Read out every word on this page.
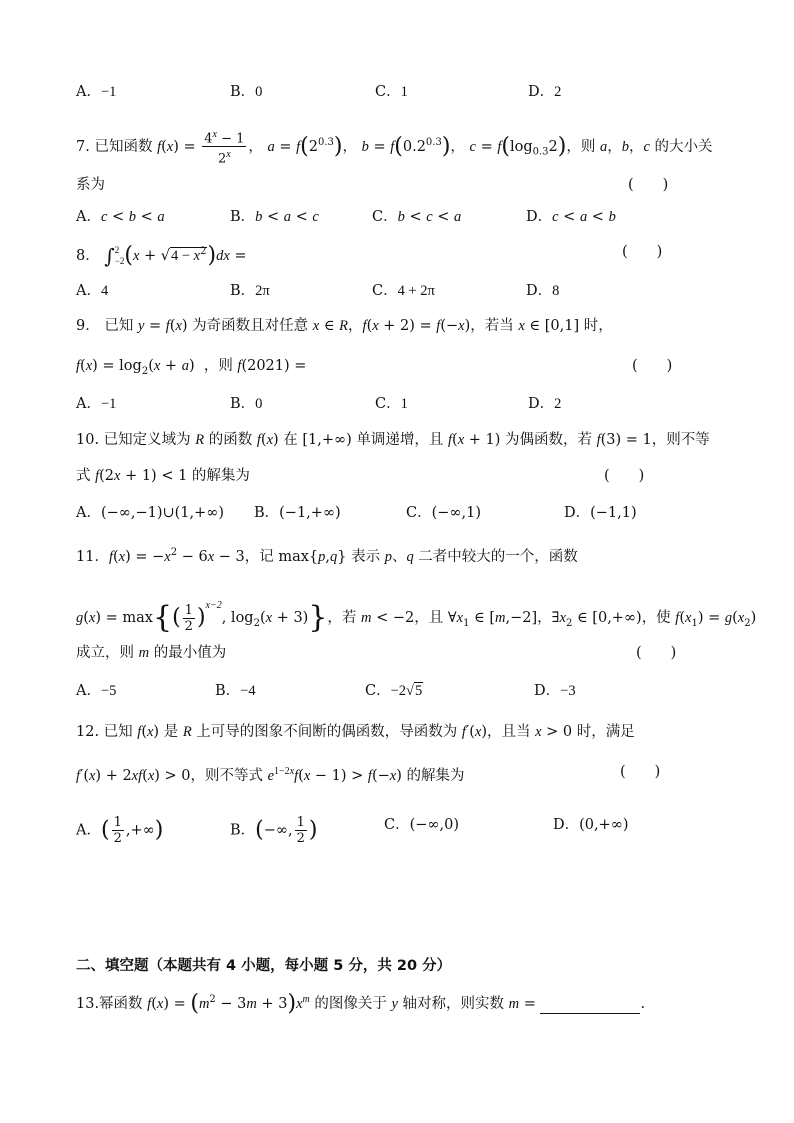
A．−1	B．0	C．1	D．2
7. 已知函数 $f(x) = \frac{4^x - 1}{2^x}$ ， $a = f(2^{0.3})$， $b = f(0.2^{0.3})$， $c = f(\log_{0.3}2)$，则 a，b，c 的大小关
系为	(　　)
A．c < b < a	B．b < a < c	C．b < c < a	D．c < a < b
8． ∫2
$-2(x + √4 - x^2)dx$ =	(　　)
A．4	B．2π	C．4 + 2π	D．8
9． 已知 y = f(x) 为奇函数且对任意 x ∈ R，f(x + 2) = f(−x)，若当 x ∈ [0,1] 时，
$f(x) = \log_2(x + a)$  ，则 f(2021) =	(　　)
A．−1	B．0	C．1	D．2
10. 已知定义域为 R 的函数 f(x) 在 [1,+∞) 单调递增，且 f(x + 1) 为偶函数，若 f(3) = 1，则不等
式 f(2x + 1) < 1 的解集为	(　　)
A．(−∞,−1)∪(1,+∞) B．(−1,+∞)	C．(−∞,1)	D．(−1,1)
11．$f(x) = -x^2 - 6x - 3$，记 max{p,q} 表示 p、q 二者中较大的一个，函数
$g(x) = \max\{( \frac{1}{2} )^{x-2}$, $\log_2(x + 3)$}，若 m < −2，且 $\forall x_1$ ∈ [m,−2]，$\exists x_2$ ∈ [0,+∞)，使 $f(x_1) = g(x_2)$
成立，则 m 的最小值为	(　　)
A．−5	B．−4	C．−2√5	D．−3
12. 已知 f(x) 是 R 上可导的图象不间断的偶函数，导函数为 f′(x)，且当 x > 0 时，满足
f′(x) + 2xf(x) > 0，则不等式 $e^{1-2x}f(x - 1) > f(-x)$ 的解集为	(　　)
A．( $\frac{1}{2}$ ,+∞)	B．(−∞, $\frac{1}{2}$ )	C．(−∞,0)	D．(0,+∞)
二、填空题（本题共有 4 小题，每小题 5 分，共 20 分）
13.幂函数 $f(x) = (m^2 - 3m + 3)x^m$ 的图像关于 y 轴对称，则实数 m =	.
